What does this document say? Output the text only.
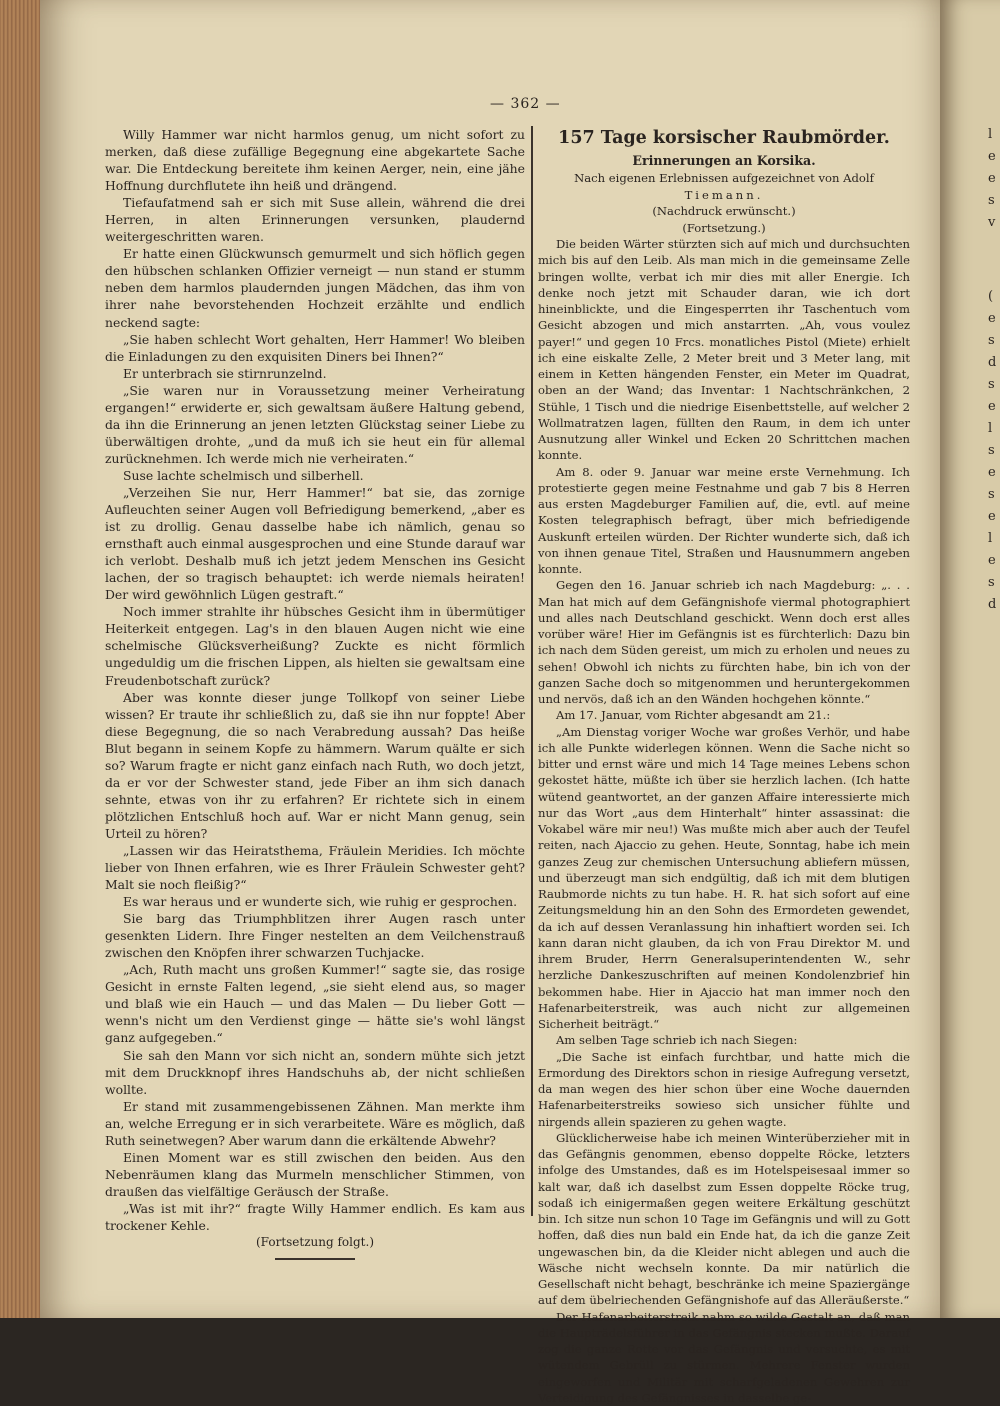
— 362 —

Willy Hammer war nicht harmlos genug, um nicht sofort zu merken, daß diese zufällige Begegnung eine abgekartete Sache war. Die Entdeckung bereitete ihm keinen Aerger, nein, eine jähe Hoffnung durchflutete ihn heiß und drängend.

Tiefaufatmend sah er sich mit Suse allein, während die drei Herren, in alten Erinnerungen versunken, plaudernd weitergeschritten waren.

Er hatte einen Glückwunsch gemurmelt und sich höflich gegen den hübschen schlanken Offizier verneigt — nun stand er stumm neben dem harmlos plaudernden jungen Mädchen, das ihm von ihrer nahe bevorstehenden Hochzeit erzählte und endlich neckend sagte:

„Sie haben schlecht Wort gehalten, Herr Hammer! Wo bleiben die Einladungen zu den exquisiten Diners bei Ihnen?“

Er unterbrach sie stirnrunzelnd.

„Sie waren nur in Voraussetzung meiner Verheiratung ergangen!“ erwiderte er, sich gewaltsam äußere Haltung gebend, da ihn die Erinnerung an jenen letzten Glückstag seiner Liebe zu überwältigen drohte, „und da muß ich sie heut ein für allemal zurücknehmen. Ich werde mich nie verheiraten.“

Suse lachte schelmisch und silberhell.

„Verzeihen Sie nur, Herr Hammer!“ bat sie, das zornige Aufleuchten seiner Augen voll Befriedigung bemerkend, „aber es ist zu drollig. Genau dasselbe habe ich nämlich, genau so ernsthaft auch einmal ausgesprochen und eine Stunde darauf war ich verlobt. Deshalb muß ich jetzt jedem Menschen ins Gesicht lachen, der so tragisch behauptet: ich werde niemals heiraten! Der wird gewöhnlich Lügen gestraft.“

Noch immer strahlte ihr hübsches Gesicht ihm in übermütiger Heiterkeit entgegen. Lag's in den blauen Augen nicht wie eine schelmische Glücksverheißung? Zuckte es nicht förmlich ungeduldig um die frischen Lippen, als hielten sie gewaltsam eine Freudenbotschaft zurück?

Aber was konnte dieser junge Tollkopf von seiner Liebe wissen? Er traute ihr schließlich zu, daß sie ihn nur foppte! Aber diese Begegnung, die so nach Verabredung aussah? Das heiße Blut begann in seinem Kopfe zu hämmern. Warum quälte er sich so? Warum fragte er nicht ganz einfach nach Ruth, wo doch jetzt, da er vor der Schwester stand, jede Fiber an ihm sich danach sehnte, etwas von ihr zu erfahren? Er richtete sich in einem plötzlichen Entschluß hoch auf. War er nicht Mann genug, sein Urteil zu hören?

„Lassen wir das Heiratsthema, Fräulein Meridies. Ich möchte lieber von Ihnen erfahren, wie es Ihrer Fräulein Schwester geht? Malt sie noch fleißig?“

Es war heraus und er wunderte sich, wie ruhig er gesprochen.

Sie barg das Triumphblitzen ihrer Augen rasch unter gesenkten Lidern. Ihre Finger nestelten an dem Veilchenstrauß zwischen den Knöpfen ihrer schwarzen Tuchjacke.

„Ach, Ruth macht uns großen Kummer!“ sagte sie, das rosige Gesicht in ernste Falten legend, „sie sieht elend aus, so mager und blaß wie ein Hauch — und das Malen — Du lieber Gott — wenn's nicht um den Verdienst ginge — hätte sie's wohl längst ganz aufgegeben.“

Sie sah den Mann vor sich nicht an, sondern mühte sich jetzt mit dem Druckknopf ihres Handschuhs ab, der nicht schließen wollte.

Er stand mit zusammengebissenen Zähnen. Man merkte ihm an, welche Erregung er in sich verarbeitete. Wäre es möglich, daß Ruth seinetwegen? Aber warum dann die erkältende Abwehr?

Einen Moment war es still zwischen den beiden. Aus den Nebenräumen klang das Murmeln menschlicher Stimmen, von draußen das vielfältige Geräusch der Straße.

„Was ist mit ihr?“ fragte Willy Hammer endlich. Es kam aus trockener Kehle.

(Fortsetzung folgt.)
157 Tage korsischer Raubmörder.
Erinnerungen an Korsika.
Nach eigenen Erlebnissen aufgezeichnet von Adolf Tiemann.
(Nachdruck erwünscht.)
(Fortsetzung.)

Die beiden Wärter stürzten sich auf mich und durchsuchten mich bis auf den Leib. Als man mich in die gemeinsame Zelle bringen wollte, verbat ich mir dies mit aller Energie. Ich denke noch jetzt mit Schauder daran, wie ich dort hineinblickte, und die Eingesperrten ihr Taschentuch vom Gesicht abzogen und mich anstarrten. „Ah, vous voulez payer!“ und gegen 10 Frcs. monatliches Pistol (Miete) erhielt ich eine eiskalte Zelle, 2 Meter breit und 3 Meter lang, mit einem in Ketten hängenden Fenster, ein Meter im Quadrat, oben an der Wand; das Inventar: 1 Nachtschränkchen, 2 Stühle, 1 Tisch und die niedrige Eisenbettstelle, auf welcher 2 Wollmatratzen lagen, füllten den Raum, in dem ich unter Ausnutzung aller Winkel und Ecken 20 Schrittchen machen konnte.

Am 8. oder 9. Januar war meine erste Vernehmung. Ich protestierte gegen meine Festnahme und gab 7 bis 8 Herren aus ersten Magdeburger Familien auf, die, evtl. auf meine Kosten telegraphisch befragt, über mich befriedigende Auskunft erteilen würden. Der Richter wunderte sich, daß ich von ihnen genaue Titel, Straßen und Hausnummern angeben konnte.

Gegen den 16. Januar schrieb ich nach Magdeburg: „. . . Man hat mich auf dem Gefängnishofe viermal photographiert und alles nach Deutschland geschickt. Wenn doch erst alles vorüber wäre! Hier im Gefängnis ist es fürchterlich: Dazu bin ich nach dem Süden gereist, um mich zu erholen und neues zu sehen! Obwohl ich nichts zu fürchten habe, bin ich von der ganzen Sache doch so mitgenommen und heruntergekommen und nervös, daß ich an den Wänden hochgehen könnte.“

Am 17. Januar, vom Richter abgesandt am 21.:

„Am Dienstag voriger Woche war großes Verhör, und habe ich alle Punkte widerlegen können. Wenn die Sache nicht so bitter und ernst wäre und mich 14 Tage meines Lebens schon gekostet hätte, müßte ich über sie herzlich lachen. (Ich hatte wütend geantwortet, an der ganzen Affaire interessierte mich nur das Wort „aus dem Hinterhalt“ hinter assassinat: die Vokabel wäre mir neu!) Was mußte mich aber auch der Teufel reiten, nach Ajaccio zu gehen. Heute, Sonntag, habe ich mein ganzes Zeug zur chemischen Untersuchung abliefern müssen, und überzeugt man sich endgültig, daß ich mit dem blutigen Raubmorde nichts zu tun habe. H. R. hat sich sofort auf eine Zeitungsmeldung hin an den Sohn des Ermordeten gewendet, da ich auf dessen Veranlassung hin inhaftiert worden sei. Ich kann daran nicht glauben, da ich von Frau Direktor M. und ihrem Bruder, Herrn Generalsuperintendenten W., sehr herzliche Dankeszuschriften auf meinen Kondolenzbrief hin bekommen habe. Hier in Ajaccio hat man immer noch den Hafenarbeiterstreik, was auch nicht zur allgemeinen Sicherheit beiträgt.“

Am selben Tage schrieb ich nach Siegen:

„Die Sache ist einfach furchtbar, und hatte mich die Ermordung des Direktors schon in riesige Aufregung versetzt, da man wegen des hier schon über eine Woche dauernden Hafenarbeiterstreiks sowieso sich unsicher fühlte und nirgends allein spazieren zu gehen wagte.

Glücklicherweise habe ich meinen Winterüberzieher mit in das Gefängnis genommen, ebenso doppelte Röcke, letzters infolge des Umstandes, daß es im Hotelspeisesaal immer so kalt war, daß ich daselbst zum Essen doppelte Röcke trug, sodaß ich einigermaßen gegen weitere Erkältung geschützt bin. Ich sitze nun schon 10 Tage im Gefängnis und will zu Gott hoffen, daß dies nun bald ein Ende hat, da ich die ganze Zeit ungewaschen bin, da die Kleider nicht ablegen und auch die Wäsche nicht wechseln konnte. Da mir natürlich die Gesellschaft nicht behagt, beschränke ich meine Spaziergänge auf dem übelriechenden Gefängnishofe auf das Alleräußerste.“

Der Hafenarbeiterstreik nahm so wilde Gestalt an, daß man die Haupträdelsführer in das Gefängnis stecken mußte. Darauf zog die ganze Rotte vor das Gefängnis und versuchte, es mit wütendem Gebrüll zu stürmen. Mehrere Fenster wurden eingeworfen und Militär mit scharfgeladenen Gewehren zur Verteidigung des Gefängnisses in dasselbe ge-

l
e
e
s
v
(
e
s
d
s
e
l
s
e
s
e
l
e
s
d
